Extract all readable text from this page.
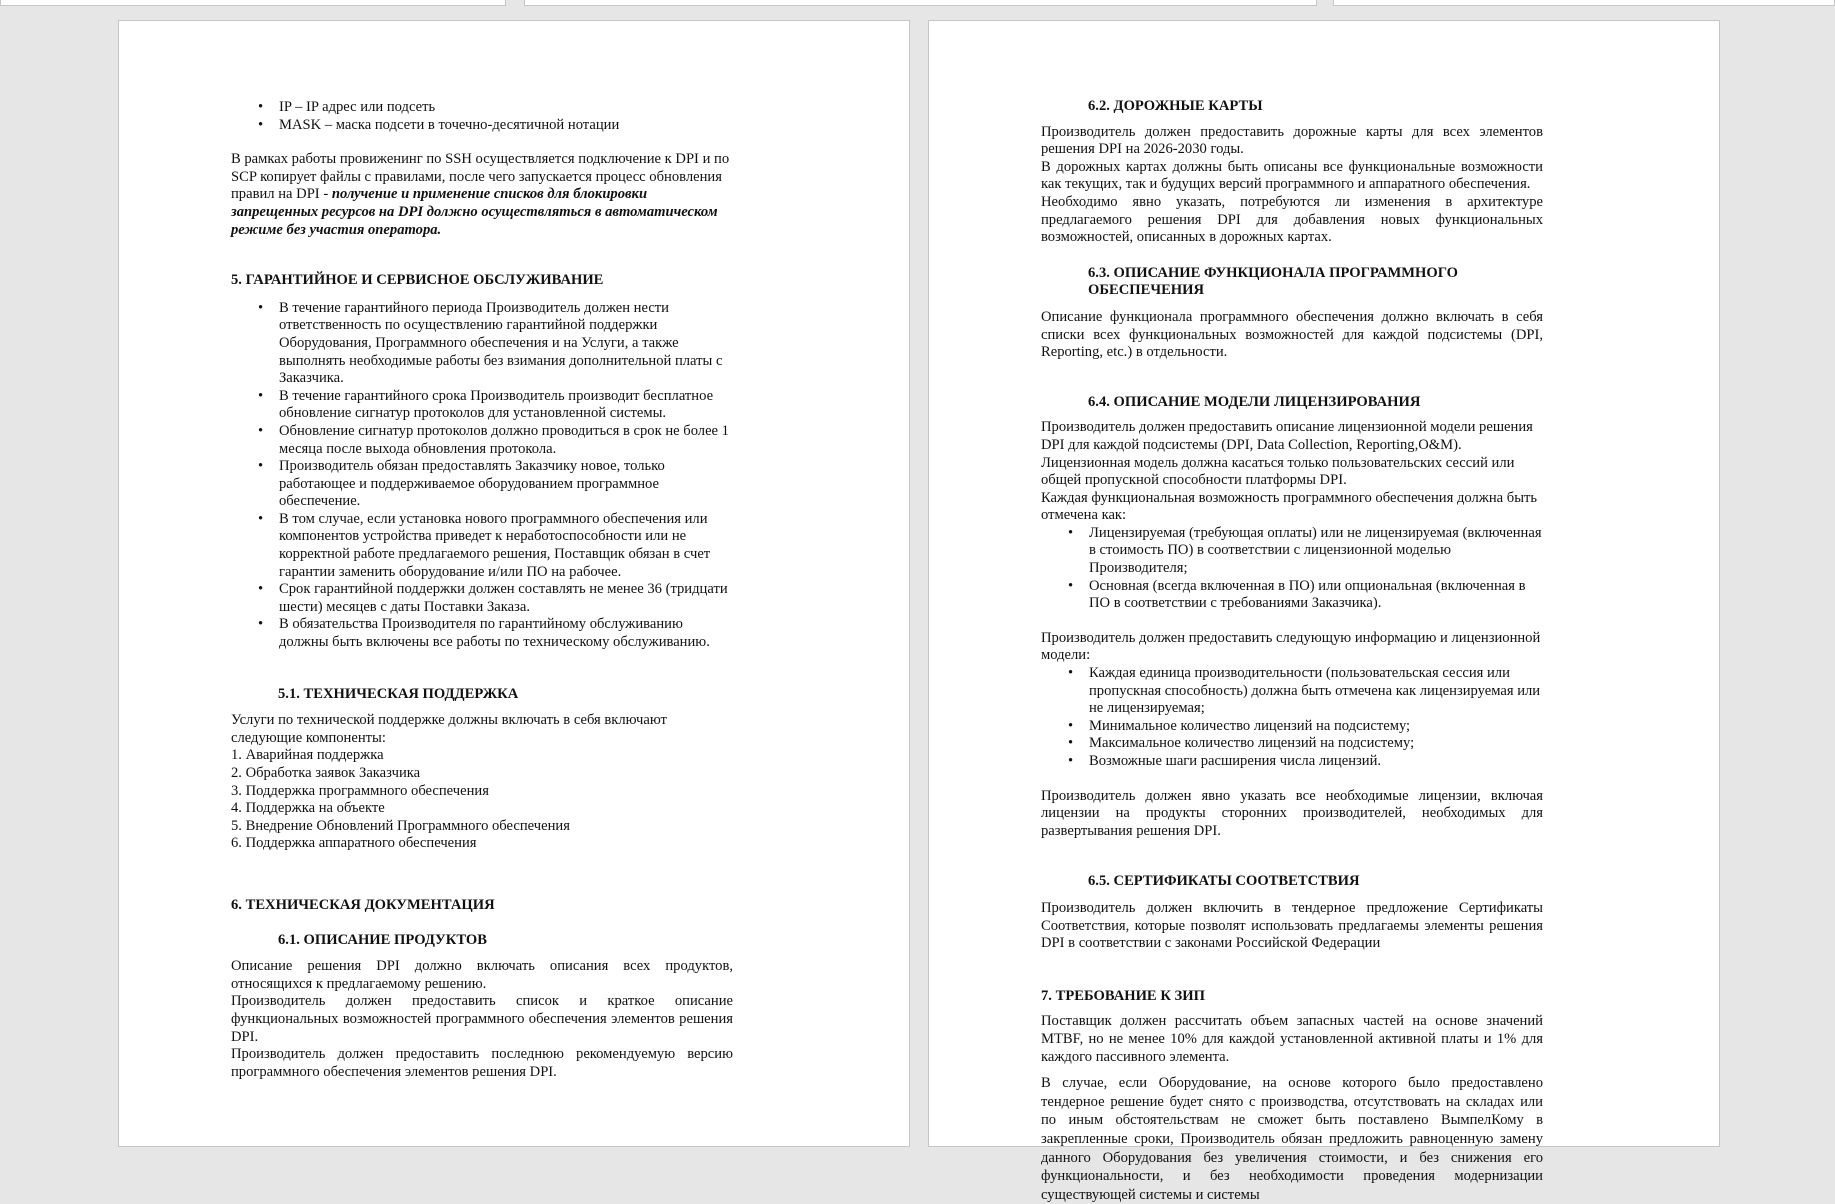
• IP – IP адрес или подсеть
• MASK – маска подсети в точечно-десятичной нотации

В рамках работы провиженинг по SSH осуществляется подключение к DPI и по SCP копирует файлы с правилами, после чего запускается процесс обновления правил на DPI - получение и применение списков для блокировки запрещенных ресурсов на DPI должно осуществляться в автоматическом режиме без участия оператора.

5. ГАРАНТИЙНОЕ И СЕРВИСНОЕ ОБСЛУЖИВАНИЕ
• В течение гарантийного периода Производитель должен нести ответственность по осуществлению гарантийной поддержки Оборудования, Программного обеспечения и на Услуги, а также выполнять необходимые работы без взимания дополнительной платы с Заказчика.
• В течение гарантийного срока Производитель производит бесплатное обновление сигнатур протоколов для установленной системы.
• Обновление сигнатур протоколов должно проводиться в срок не более 1 месяца после выхода обновления протокола.
• Производитель обязан предоставлять Заказчику новое, только работающее и поддерживаемое оборудованием программное обеспечение.
• В том случае, если установка нового программного обеспечения или компонентов устройства приведет к неработоспособности или не корректной работе предлагаемого решения, Поставщик обязан в счет гарантии заменить оборудование и/или ПО на рабочее.
• Срок гарантийной поддержки должен составлять не менее 36 (тридцати шести) месяцев с даты Поставки Заказа.
• В обязательства Производителя по гарантийному обслуживанию должны быть включены все работы по техническому обслуживанию.
5.1. ТЕХНИЧЕСКАЯ ПОДДЕРЖКА

Услуги по технической поддержке должны включать в себя включают следующие компоненты:

1. Аварийная поддержка
2. Обработка заявок Заказчика
3. Поддержка программного обеспечения
4. Поддержка на объекте
5. Внедрение Обновлений Программного обеспечения
6. Поддержка аппаратного обеспечения
6. ТЕХНИЧЕСКАЯ ДОКУМЕНТАЦИЯ
6.1. ОПИСАНИЕ ПРОДУКТОВ

Описание решения DPI должно включать описания всех продуктов, относящихся к предлагаемому решению.

Производитель должен предоставить список и краткое описание функциональных возможностей программного обеспечения элементов решения DPI.

Производитель должен предоставить последнюю рекомендуемую версию программного обеспечения элементов решения DPI.

6.2. ДОРОЖНЫЕ КАРТЫ

Производитель должен предоставить дорожные карты для всех элементов решения DPI на 2026-2030 годы.

В дорожных картах должны быть описаны все функциональные возможности как текущих, так и будущих версий программного и аппаратного обеспечения.

Необходимо явно указать, потребуются ли изменения в архитектуре предлагаемого решения DPI для добавления новых функциональных возможностей, описанных в дорожных картах.

6.3. ОПИСАНИЕ ФУНКЦИОНАЛА ПРОГРАММНОГО ОБЕСПЕЧЕНИЯ

Описание функционала программного обеспечения должно включать в себя списки всех функциональных возможностей для каждой подсистемы (DPI, Reporting, etc.) в отдельности.

6.4. ОПИСАНИЕ МОДЕЛИ ЛИЦЕНЗИРОВАНИЯ

Производитель должен предоставить описание лицензионной модели решения DPI для каждой подсистемы (DPI, Data Collection, Reporting,O&M).

Лицензионная модель должна касаться только пользовательских сессий или общей пропускной способности платформы DPI.

Каждая функциональная возможность программного обеспечения должна быть отмечена как:

• Лицензируемая (требующая оплаты) или не лицензируемая (включенная в стоимость ПО) в соответствии с лицензионной моделью Производителя;
• Основная (всегда включенная в ПО) или опциональная (включенная в ПО в соответствии с требованиями Заказчика).

Производитель должен предоставить следующую информацию и лицензионной модели:

• Каждая единица производительности (пользовательская сессия или пропускная способность) должна быть отмечена как лицензируемая или не лицензируемая;
• Минимальное количество лицензий на подсистему;
• Максимальное количество лицензий на подсистему;
• Возможные шаги расширения числа лицензий.

Производитель должен явно указать все необходимые лицензии, включая лицензии на продукты сторонних производителей, необходимых для развертывания решения DPI.

6.5. СЕРТИФИКАТЫ СООТВЕТСТВИЯ

Производитель должен включить в тендерное предложение Сертификаты Соответствия, которые позволят использовать предлагаемы элементы решения DPI в соответствии с законами Российской Федерации

7. ТРЕБОВАНИЕ К ЗИП

Поставщик должен рассчитать объем запасных частей на основе значений MTBF, но не менее 10% для каждой установленной активной платы и 1% для каждого пассивного элемента.

В случае, если Оборудование, на основе которого было предоставлено тендерное решение будет снято с производства, отсутствовать на складах или по иным обстоятельствам не сможет быть поставлено ВымпелКому в закрепленные сроки, Производитель обязан предложить равноценную замену данного Оборудования без увеличения стоимости, и без снижения его функциональности, и без необходимости проведения модернизации существующей системы и системы
